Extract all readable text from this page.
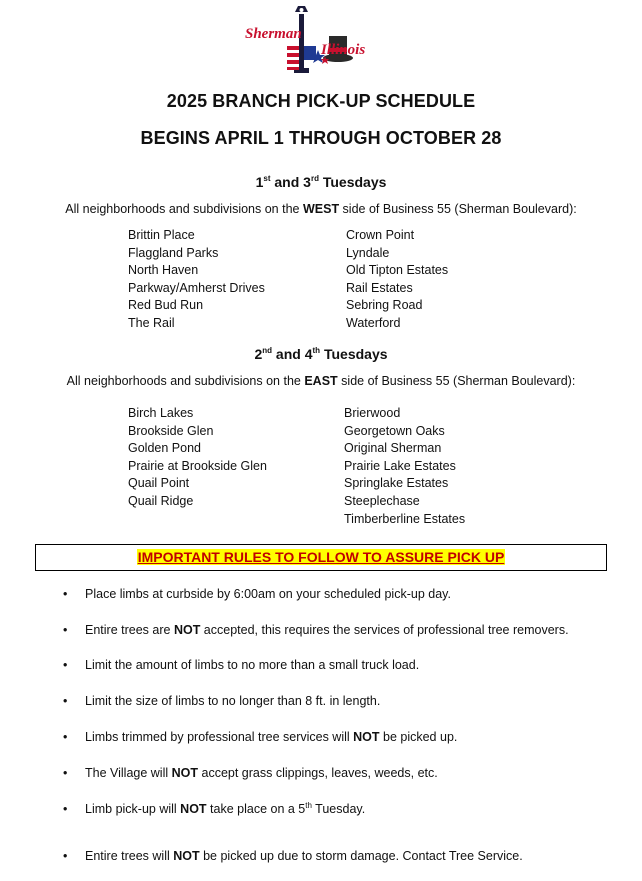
Sherman
Illinois
2025 BRANCH PICK-UP SCHEDULE
BEGINS APRIL 1 THROUGH OCTOBER 28
1st and 3rd Tuesdays
All neighborhoods and subdivisions on the WEST side of Business 55 (Sherman Boulevard):
Brittin Place
Flaggland Parks
North Haven
Parkway/Amherst Drives
Red Bud Run
The Rail
Crown Point
Lyndale
Old Tipton Estates
Rail Estates
Sebring Road
Waterford
2nd and 4th Tuesdays
All neighborhoods and subdivisions on the EAST side of Business 55 (Sherman Boulevard):
Birch Lakes
Brookside Glen
Golden Pond
Prairie at Brookside Glen
Quail Point
Quail Ridge
Brierwood
Georgetown Oaks
Original Sherman
Prairie Lake Estates
Springlake Estates
Steeplechase
Timberberline Estates
IMPORTANT RULES TO FOLLOW TO ASSURE PICK UP
• Place limbs at curbside by 6:00am on your scheduled pick-up day.
• Entire trees are NOT accepted, this requires the services of professional tree removers.
• Limit the amount of limbs to no more than a small truck load.
• Limit the size of limbs to no longer than 8 ft. in length.
• Limbs trimmed by professional tree services will NOT be picked up.
• The Village will NOT accept grass clippings, leaves, weeds, etc.
• Limb pick-up will NOT take place on a 5th Tuesday.
• Entire trees will NOT be picked up due to storm damage. Contact Tree Service.
